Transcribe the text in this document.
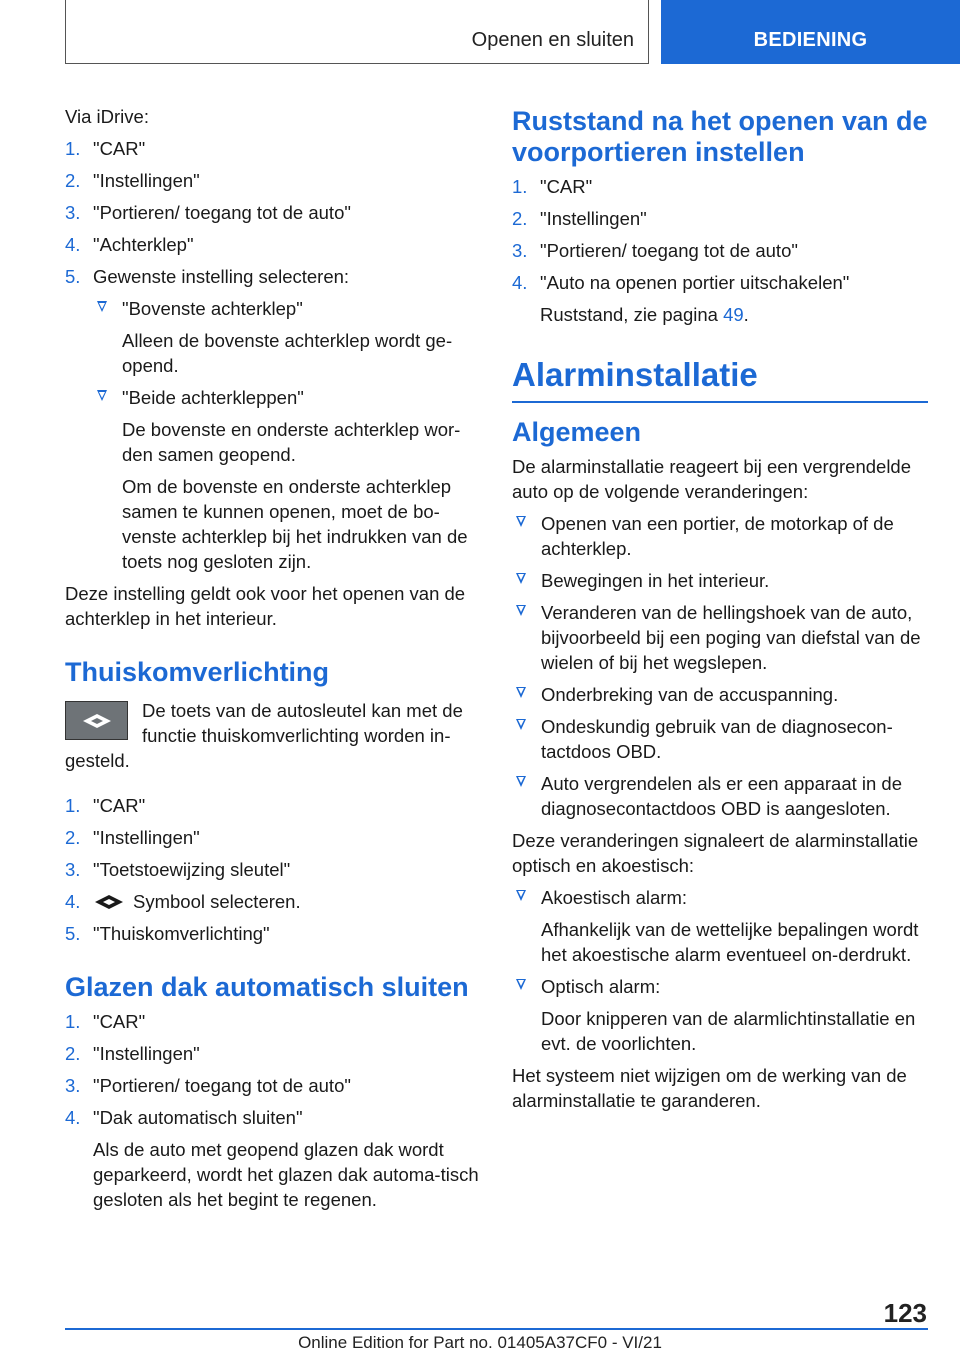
Openen en sluiten	BEDIENING

Via iDrive:

1. "CAR"
2. "Instellingen"
3. "Portieren/ toegang tot de auto"
4. "Achterklep"
5. Gewenste instelling selecteren:
"Bovenste achterklep"
Alleen de bovenste achterklep wordt ge-opend.
"Beide achterkleppen"
De bovenste en onderste achterklep wor-den samen geopend.
Om de bovenste en onderste achterklep samen te kunnen openen, moet de bo-venste achterklep bij het indrukken van de toets nog gesloten zijn.

Deze instelling geldt ook voor het openen van de achterklep in het interieur.

Thuiskomverlichting
De toets van de autosleutel kan met de functie thuiskomverlichting worden in-
gesteld.
1. "CAR"
2. "Instellingen"
3. "Toetstoewijzing sleutel"
4.	Symbool selecteren.
5. "Thuiskomverlichting"
Glazen dak automatisch sluiten
1. "CAR"
2. "Instellingen"
3. "Portieren/ toegang tot de auto"
4. "Dak automatisch sluiten"
Als de auto met geopend glazen dak wordt geparkeerd, wordt het glazen dak automa-tisch gesloten als het begint te regenen.
Ruststand na het openen van de voorportieren instellen
1. "CAR"
2. "Instellingen"
3. "Portieren/ toegang tot de auto"
4. "Auto na openen portier uitschakelen"
Ruststand, zie pagina 49.
Alarminstallatie
Algemeen

De alarminstallatie reageert bij een vergrendelde auto op de volgende veranderingen:

Openen van een portier, de motorkap of de achterklep.
Bewegingen in het interieur.
Veranderen van de hellingshoek van de auto, bijvoorbeeld bij een poging van diefstal van de wielen of bij het wegslepen.
Onderbreking van de accuspanning.
Ondeskundig gebruik van de diagnosecon-tactdoos OBD.
Auto vergrendelen als er een apparaat in de diagnosecontactdoos OBD is aangesloten.

Deze veranderingen signaleert de alarminstallatie optisch en akoestisch:

Akoestisch alarm:
Afhankelijk van de wettelijke bepalingen wordt het akoestische alarm eventueel on-derdrukt.
Optisch alarm:
Door knipperen van de alarmlichtinstallatie en evt. de voorlichten.

Het systeem niet wijzigen om de werking van de alarminstallatie te garanderen.

123
Online Edition for Part no. 01405A37CF0 - VI/21
